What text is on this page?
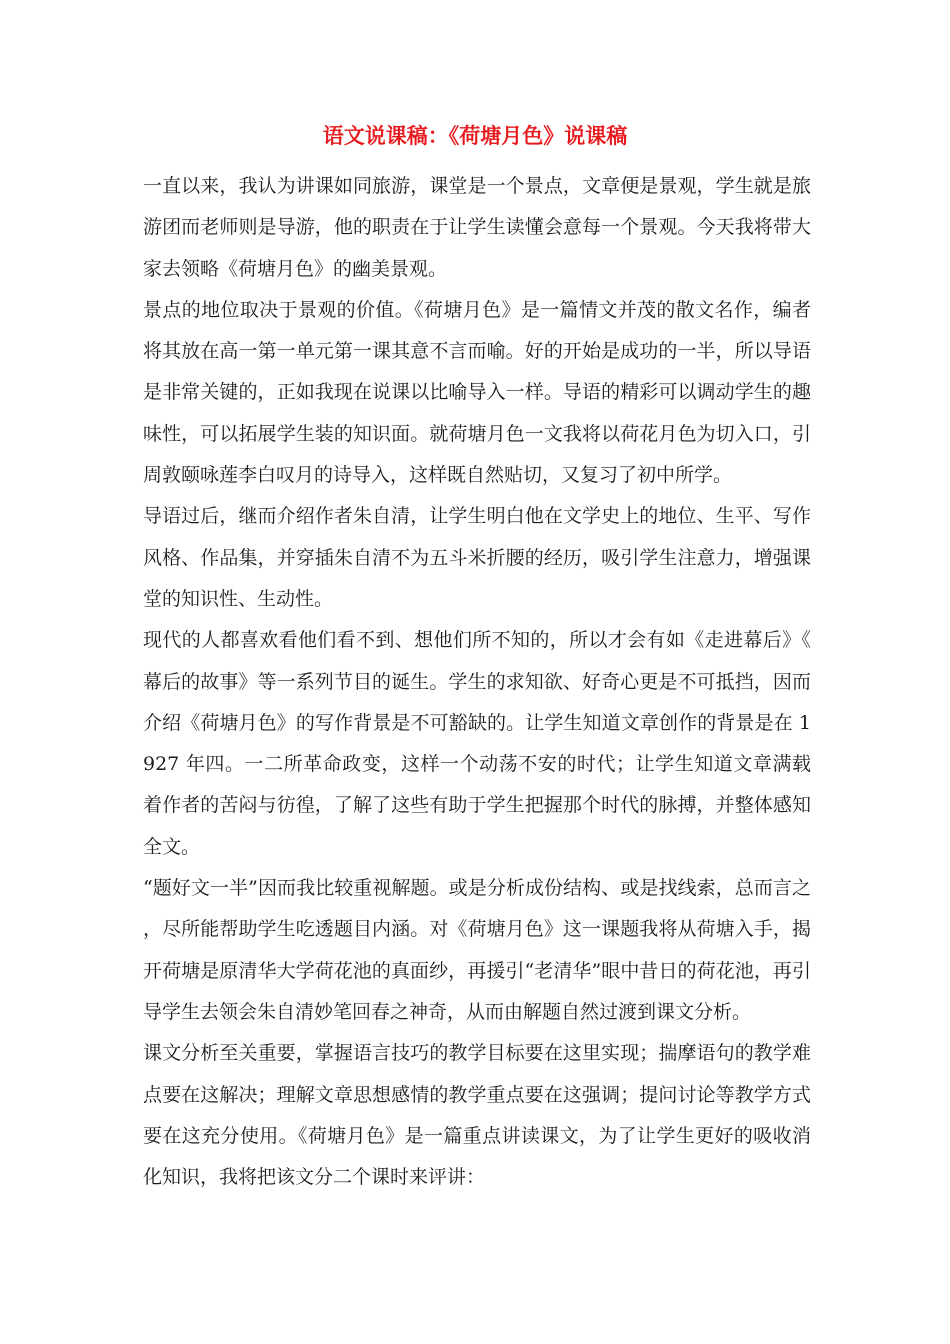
语文说课稿：《荷塘月色》说课稿

一直以来，我认为讲课如同旅游，课堂是一个景点，文章便是景观，学生就是旅游团而老师则是导游，他的职责在于让学生读懂会意每一个景观。今天我将带大家去领略《荷塘月色》的幽美景观。

景点的地位取决于景观的价值。《荷塘月色》是一篇情文并茂的散文名作，编者将其放在高一第一单元第一课其意不言而喻。好的开始是成功的一半，所以导语是非常关键的，正如我现在说课以比喻导入一样。导语的精彩可以调动学生的趣味性，可以拓展学生装的知识面。就荷塘月色一文我将以荷花月色为切入口，引周敦颐咏莲李白叹月的诗导入，这样既自然贴切，又复习了初中所学。

导语过后，继而介绍作者朱自清，让学生明白他在文学史上的地位、生平、写作风格、作品集，并穿插朱自清不为五斗米折腰的经历，吸引学生注意力，增强课堂的知识性、生动性。

现代的人都喜欢看他们看不到、想他们所不知的，所以才会有如《走进幕后》《幕后的故事》等一系列节目的诞生。学生的求知欲、好奇心更是不可抵挡，因而介绍《荷塘月色》的写作背景是不可豁缺的。让学生知道文章创作的背景是在 1927 年四。一二所革命政变，这样一个动荡不安的时代；让学生知道文章满载着作者的苦闷与彷徨，了解了这些有助于学生把握那个时代的脉搏，并整体感知全文。

“题好文一半”因而我比较重视解题。或是分析成份结构、或是找线索，总而言之，尽所能帮助学生吃透题目内涵。对《荷塘月色》这一课题我将从荷塘入手，揭开荷塘是原清华大学荷花池的真面纱，再援引“老清华”眼中昔日的荷花池，再引导学生去领会朱自清妙笔回春之神奇，从而由解题自然过渡到课文分析。

课文分析至关重要，掌握语言技巧的教学目标要在这里实现；揣摩语句的教学难点要在这解决；理解文章思想感情的教学重点要在这强调；提问讨论等教学方式要在这充分使用。《荷塘月色》是一篇重点讲读课文，为了让学生更好的吸收消化知识，我将把该文分二个课时来评讲：
